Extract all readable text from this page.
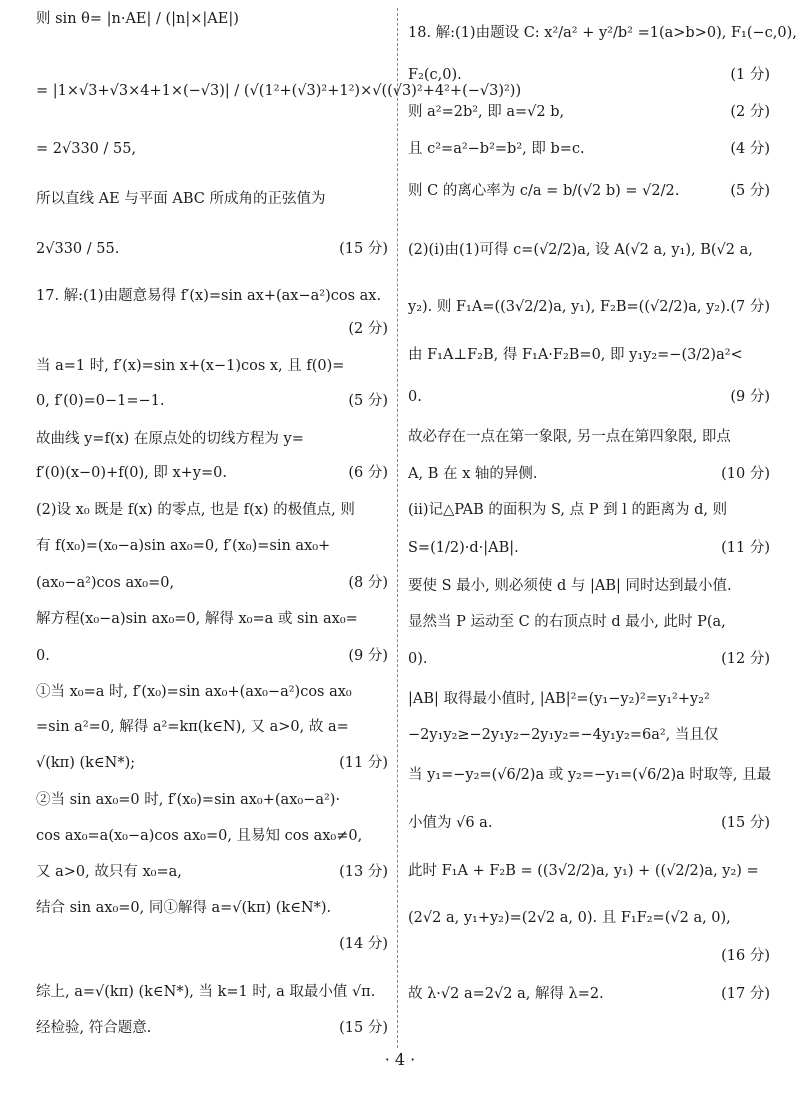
则 sin θ= |n·AE| / (|n|×|AE|)
= |1×√3+√3×4+1×(−√3)| / (√(1²+(√3)²+1²)×√((√3)²+4²+(−√3)²))
= 2√330 / 55,
所以直线 AE 与平面 ABC 所成角的正弦值为
2√330 / 55.	(15 分)
17. 解:(1)由题意易得 f′(x)=sin ax+(ax−a²)cos ax.
(2 分)
当 a=1 时, f′(x)=sin x+(x−1)cos x, 且 f(0)=
0, f′(0)=0−1=−1.	(5 分)
故曲线 y=f(x) 在原点处的切线方程为 y=
f′(0)(x−0)+f(0), 即 x+y=0.	(6 分)
(2)设 x₀ 既是 f(x) 的零点, 也是 f(x) 的极值点, 则
有 f(x₀)=(x₀−a)sin ax₀=0, f′(x₀)=sin ax₀+
(ax₀−a²)cos ax₀=0,	(8 分)
解方程(x₀−a)sin ax₀=0, 解得 x₀=a 或 sin ax₀=
0.	(9 分)
①当 x₀=a 时, f′(x₀)=sin ax₀+(ax₀−a²)cos ax₀
=sin a²=0, 解得 a²=kπ(k∈N), 又 a>0, 故 a=
√(kπ) (k∈N*);	(11 分)
②当 sin ax₀=0 时, f′(x₀)=sin ax₀+(ax₀−a²)·
cos ax₀=a(x₀−a)cos ax₀=0, 且易知 cos ax₀≠0,
又 a>0, 故只有 x₀=a,	(13 分)
结合 sin ax₀=0, 同①解得 a=√(kπ) (k∈N*).
(14 分)
综上, a=√(kπ) (k∈N*), 当 k=1 时, a 取最小值 √π.
经检验, 符合题意.	(15 分)
18. 解:(1)由题设 C: x²/a² + y²/b² =1(a>b>0), F₁(−c,0),
F₂(c,0).	(1 分)
则 a²=2b², 即 a=√2 b,	(2 分)
且 c²=a²−b²=b², 即 b=c.	(4 分)
则 C 的离心率为 c/a = b/(√2 b) = √2/2.	(5 分)
(2)(ⅰ)由(1)可得 c=(√2/2)a, 设 A(√2 a, y₁), B(√2 a,
y₂). 则 F₁A=((3√2/2)a, y₁), F₂B=((√2/2)a, y₂). (7 分)
由 F₁A⊥F₂B, 得 F₁A·F₂B=0, 即 y₁y₂=−(3/2)a²<
0.	(9 分)
故必存在一点在第一象限, 另一点在第四象限, 即点
A, B 在 x 轴的异侧.	(10 分)
(ⅱ)记△PAB 的面积为 S, 点 P 到 l 的距离为 d, 则
S=(1/2)·d·|AB|.	(11 分)
要使 S 最小, 则必须使 d 与 |AB| 同时达到最小值.
显然当 P 运动至 C 的右顶点时 d 最小, 此时 P(a,
0).	(12 分)
|AB| 取得最小值时, |AB|²=(y₁−y₂)²=y₁²+y₂²
−2y₁y₂≥−2y₁y₂−2y₁y₂=−4y₁y₂=6a², 当且仅
当 y₁=−y₂=(√6/2)a 或 y₂=−y₁=(√6/2)a 时取等, 且最
小值为 √6 a.	(15 分)
此时 F₁A + F₂B = ((3√2/2)a, y₁) + ((√2/2)a, y₂) =
(2√2 a, y₁+y₂)=(2√2 a, 0). 且 F₁F₂=(√2 a, 0),
(16 分)
故 λ·√2 a=2√2 a, 解得 λ=2.	(17 分)
· 4 ·
